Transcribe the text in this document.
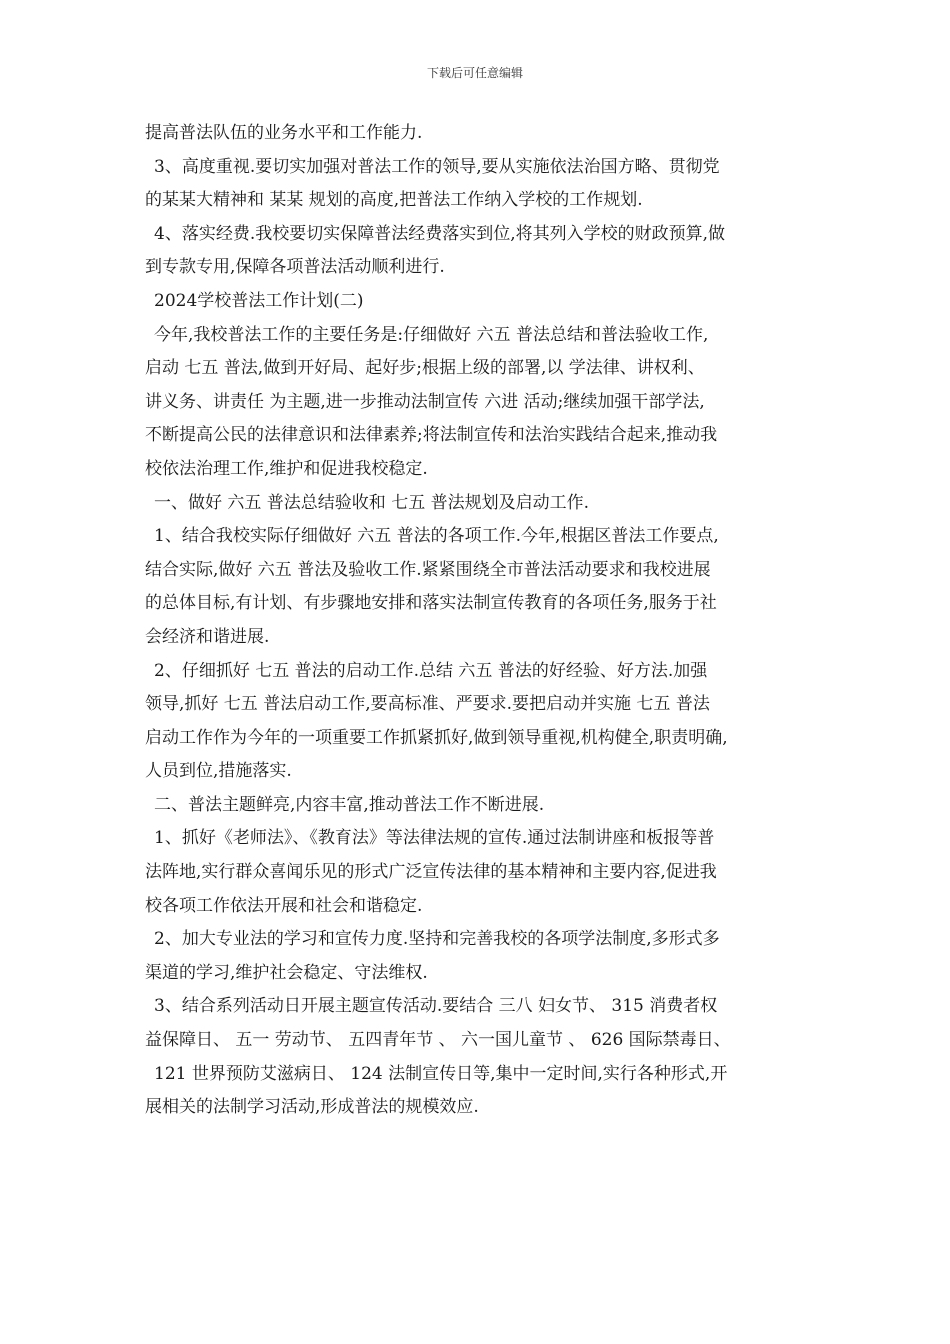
下载后可任意编辑
提高普法队伍的业务水平和工作能力.
3、高度重视.要切实加强对普法工作的领导,要从实施依法治国方略、贯彻党
的某某大精神和 某某 规划的高度,把普法工作纳入学校的工作规划.
4、落实经费.我校要切实保障普法经费落实到位,将其列入学校的财政预算,做
到专款专用,保障各项普法活动顺利进行.
2024学校普法工作计划(二)
今年,我校普法工作的主要任务是:仔细做好 六五 普法总结和普法验收工作,
启动 七五 普法,做到开好局、起好步;根据上级的部署,以 学法律、讲权利、
讲义务、讲责任 为主题,进一步推动法制宣传 六进 活动;继续加强干部学法,
不断提高公民的法律意识和法律素养;将法制宣传和法治实践结合起来,推动我
校依法治理工作,维护和促进我校稳定.
一、做好 六五 普法总结验收和 七五 普法规划及启动工作.
1、结合我校实际仔细做好 六五 普法的各项工作.今年,根据区普法工作要点,
结合实际,做好 六五 普法及验收工作.紧紧围绕全市普法活动要求和我校进展
的总体目标,有计划、有步骤地安排和落实法制宣传教育的各项任务,服务于社
会经济和谐进展.
2、仔细抓好 七五 普法的启动工作.总结 六五 普法的好经验、好方法.加强
领导,抓好 七五 普法启动工作,要高标准、严要求.要把启动并实施 七五 普法
启动工作作为今年的一项重要工作抓紧抓好,做到领导重视,机构健全,职责明确,
人员到位,措施落实.
二、普法主题鲜亮,内容丰富,推动普法工作不断进展.
1、抓好《老师法》、《教育法》等法律法规的宣传.通过法制讲座和板报等普
法阵地,实行群众喜闻乐见的形式广泛宣传法律的基本精神和主要内容,促进我
校各项工作依法开展和社会和谐稳定.
2、加大专业法的学习和宣传力度.坚持和完善我校的各项学法制度,多形式多
渠道的学习,维护社会稳定、守法维权.
3、结合系列活动日开展主题宣传活动.要结合 三八 妇女节、 315 消费者权
益保障日、 五一 劳动节、 五四青年节 、 六一国儿童节 、 626 国际禁毒日、
121 世界预防艾滋病日、 124 法制宣传日等,集中一定时间,实行各种形式,开
展相关的法制学习活动,形成普法的规模效应.
